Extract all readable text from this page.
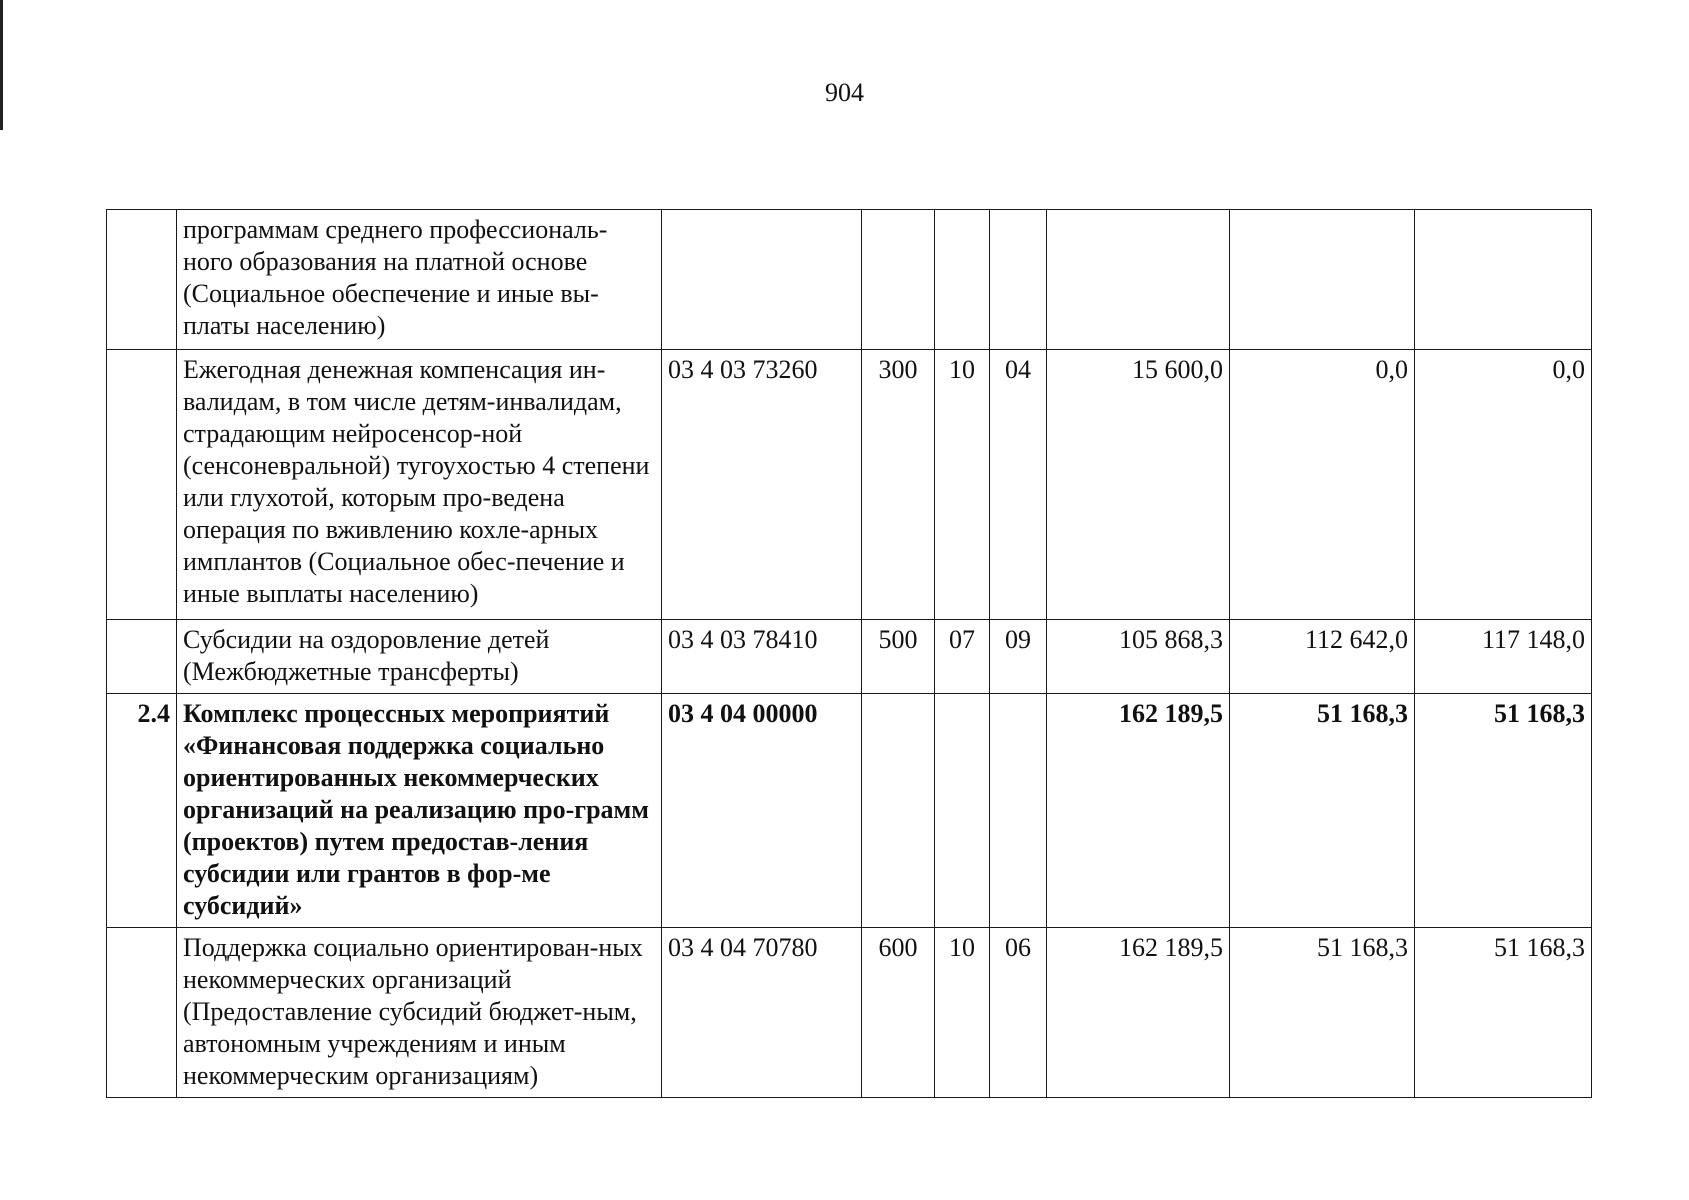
904
	программам среднего профессиональ-ного образования на платной основе (Социальное обеспечение и иные вы-платы населению)							
	Ежегодная денежная компенсация ин-валидам, в том числе детям-инвалидам, страдающим нейросенсор-ной (сенсоневральной) тугоухостью 4 степени или глухотой, которым про-ведена операция по вживлению кохле-арных имплантов (Социальное обес-печение и иные выплаты населению)	03 4 03 73260	300	10	04	15 600,0	0,0	0,0
	Субсидии на оздоровление детей (Межбюджетные трансферты)	03 4 03 78410	500	07	09	105 868,3	112 642,0	117 148,0
2.4	Комплекс процессных мероприятий «Финансовая поддержка социально ориентированных некоммерческих организаций на реализацию про-грамм (проектов) путем предостав-ления субсидии или грантов в фор-ме субсидий»	03 4 04 00000				162 189,5	51 168,3	51 168,3
	Поддержка социально ориентирован-ных некоммерческих организаций (Предоставление субсидий бюджет-ным, автономным учреждениям и иным некоммерческим организациям)	03 4 04 70780	600	10	06	162 189,5	51 168,3	51 168,3
